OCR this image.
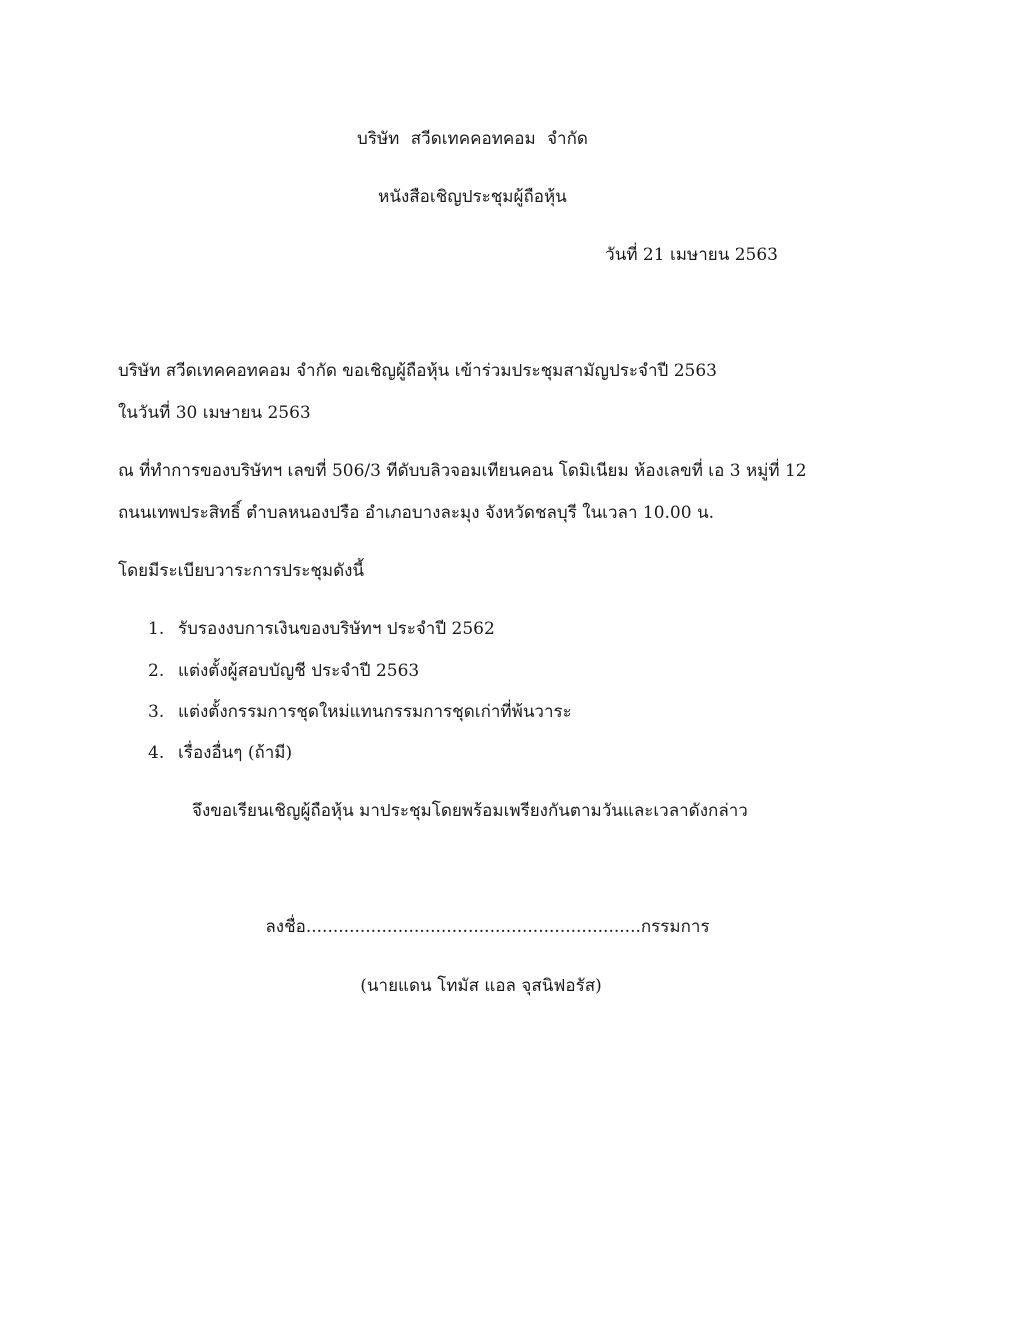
บริษัท สวีดเทคคอทคอม จำกัด
หนังสือเชิญประชุมผู้ถือหุ้น
วันที่ 21 เมษายน 2563
บริษัท สวีดเทคคอทคอม จำกัด ขอเชิญผู้ถือหุ้น เข้าร่วมประชุมสามัญประจำปี 2563
ในวันที่ 30 เมษายน 2563
ณ ที่ทำการของบริษัทฯ เลขที่ 506/3 ทีดับบลิวจอมเทียนคอน โดมิเนียม ห้องเลขที่ เอ 3 หมู่ที่ 12
ถนนเทพประสิทธิ์ ตำบลหนองปรือ อำเภอบางละมุง จังหวัดชลบุรี ในเวลา 10.00 น.
โดยมีระเบียบวาระการประชุมดังนี้
1. รับรองงบการเงินของบริษัทฯ ประจำปี 2562
2. แต่งตั้งผู้สอบบัญชี ประจำปี 2563
3. แต่งตั้งกรรมการชุดใหม่แทนกรรมการชุดเก่าที่พ้นวาระ
4. เรื่องอื่นๆ (ถ้ามี)
จึงขอเรียนเชิญผู้ถือหุ้น มาประชุมโดยพร้อมเพรียงกันตามวันและเวลาดังกล่าว
ลงชื่อ..............................................................กรรมการ
(นายแดน โทมัส แอล จุสนิฟอรัส)
